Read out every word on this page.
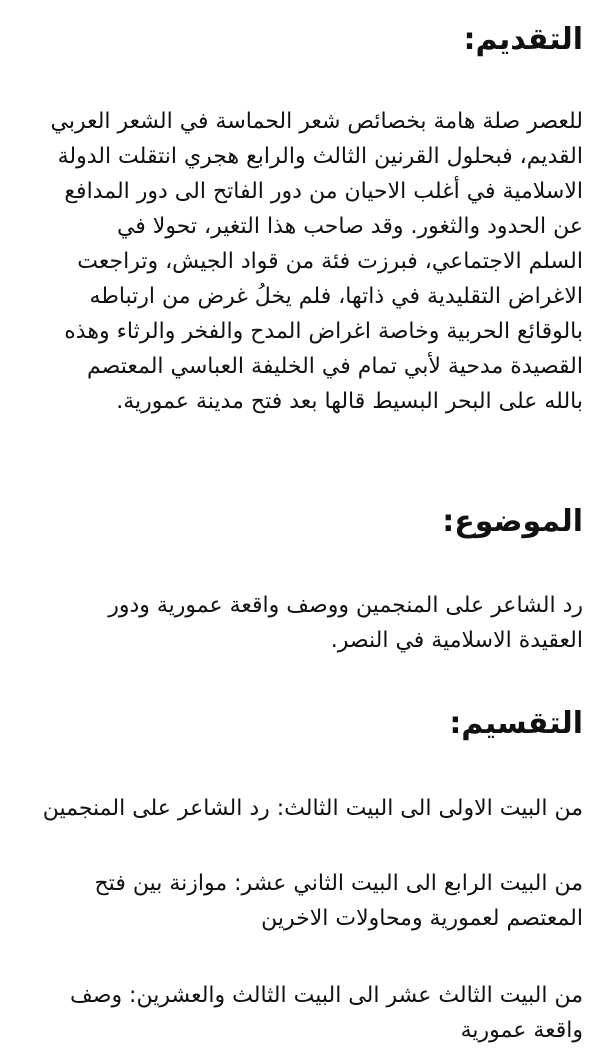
التقديم:
للعصر صلة هامة بخصائص شعر الحماسة في الشعر العربي
القديم، فبحلول القرنين الثالث والرابع هجري انتقلت الدولة
الاسلامية في أغلب الاحيان من دور الفاتح الى دور المدافع
عن الحدود والثغور. وقد صاحب هذا التغير، تحولا في
السلم الاجتماعي، فبرزت فئة من قواد الجيش، وتراجعت
الاغراض التقليدية في ذاتها، فلم يخلُ غرض من ارتباطه
بالوقائع الحربية وخاصة اغراض المدح والفخر والرثاء وهذه
القصيدة مدحية لأبي تمام في الخليفة العباسي المعتصم
بالله على البحر البسيط قالها بعد فتح مدينة عمورية.
الموضوع:
رد الشاعر على المنجمين ووصف واقعة عمورية ودور
العقيدة الاسلامية في النصر.
التقسيم:
من البيت الاولى الى البيت الثالث: رد الشاعر على المنجمين
من البيت الرابع الى البيت الثاني عشر: موازنة بين فتح
المعتصم لعمورية ومحاولات الاخرين
من البيت الثالث عشر الى البيت الثالث والعشرين: وصف
واقعة عمورية
